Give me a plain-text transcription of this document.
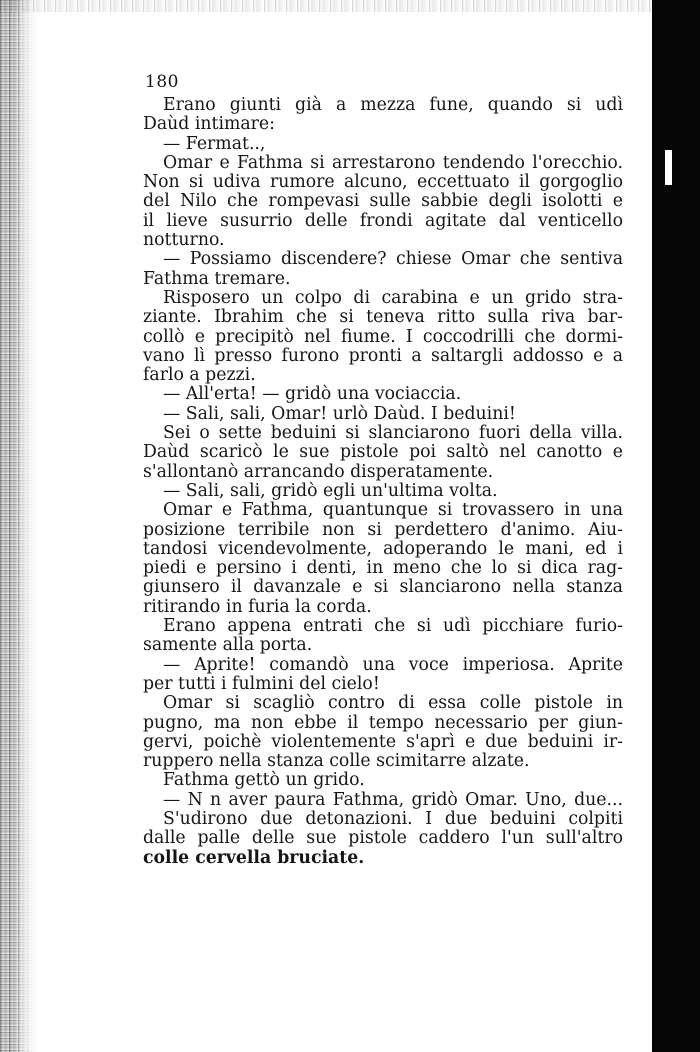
180
Erano giunti già a mezza fune, quando si udì
Daùd intimare:
— Fermat..,
Omar e Fathma si arrestarono tendendo l'orecchio.
Non si udiva rumore alcuno, eccettuato il gorgoglio
del Nilo che rompevasi sulle sabbie degli isolotti e
il lieve susurrio delle frondi agitate dal venticello
notturno.
— Possiamo discendere? chiese Omar che sentiva
Fathma tremare.
Risposero un colpo di carabina e un grido stra-
ziante. Ibrahim che si teneva ritto sulla riva bar-
collò e precipitò nel fiume. I coccodrilli che dormi-
vano lì presso furono pronti a saltargli addosso e a
farlo a pezzi.
— All'erta! — gridò una vociaccia.
— Sali, sali, Omar! urlò Daùd. I beduini!
Sei o sette beduini si slanciarono fuori della villa.
Daùd scaricò le sue pistole poi saltò nel canotto e
s'allontanò arrancando disperatamente.
— Sali, sali, gridò egli un'ultima volta.
Omar e Fathma, quantunque si trovassero in una
posizione terribile non si perdettero d'animo. Aiu-
tandosi vicendevolmente, adoperando le mani, ed i
piedi e persino i denti, in meno che lo si dica rag-
giunsero il davanzale e si slanciarono nella stanza
ritirando in furia la corda.
Erano appena entrati che si udì picchiare furio-
samente alla porta.
— Aprite! comandò una voce imperiosa. Aprite
per tutti i fulmini del cielo!
Omar si scagliò contro di essa colle pistole in
pugno, ma non ebbe il tempo necessario per giun-
gervi, poichè violentemente s'aprì e due beduini ir-
ruppero nella stanza colle scimitarre alzate.
Fathma gettò un grido.
— N n aver paura Fathma, gridò Omar. Uno, due...
S'udirono due detonazioni. I due beduini colpiti
dalle palle delle sue pistole caddero l'un sull'altro
colle cervella bruciate.
